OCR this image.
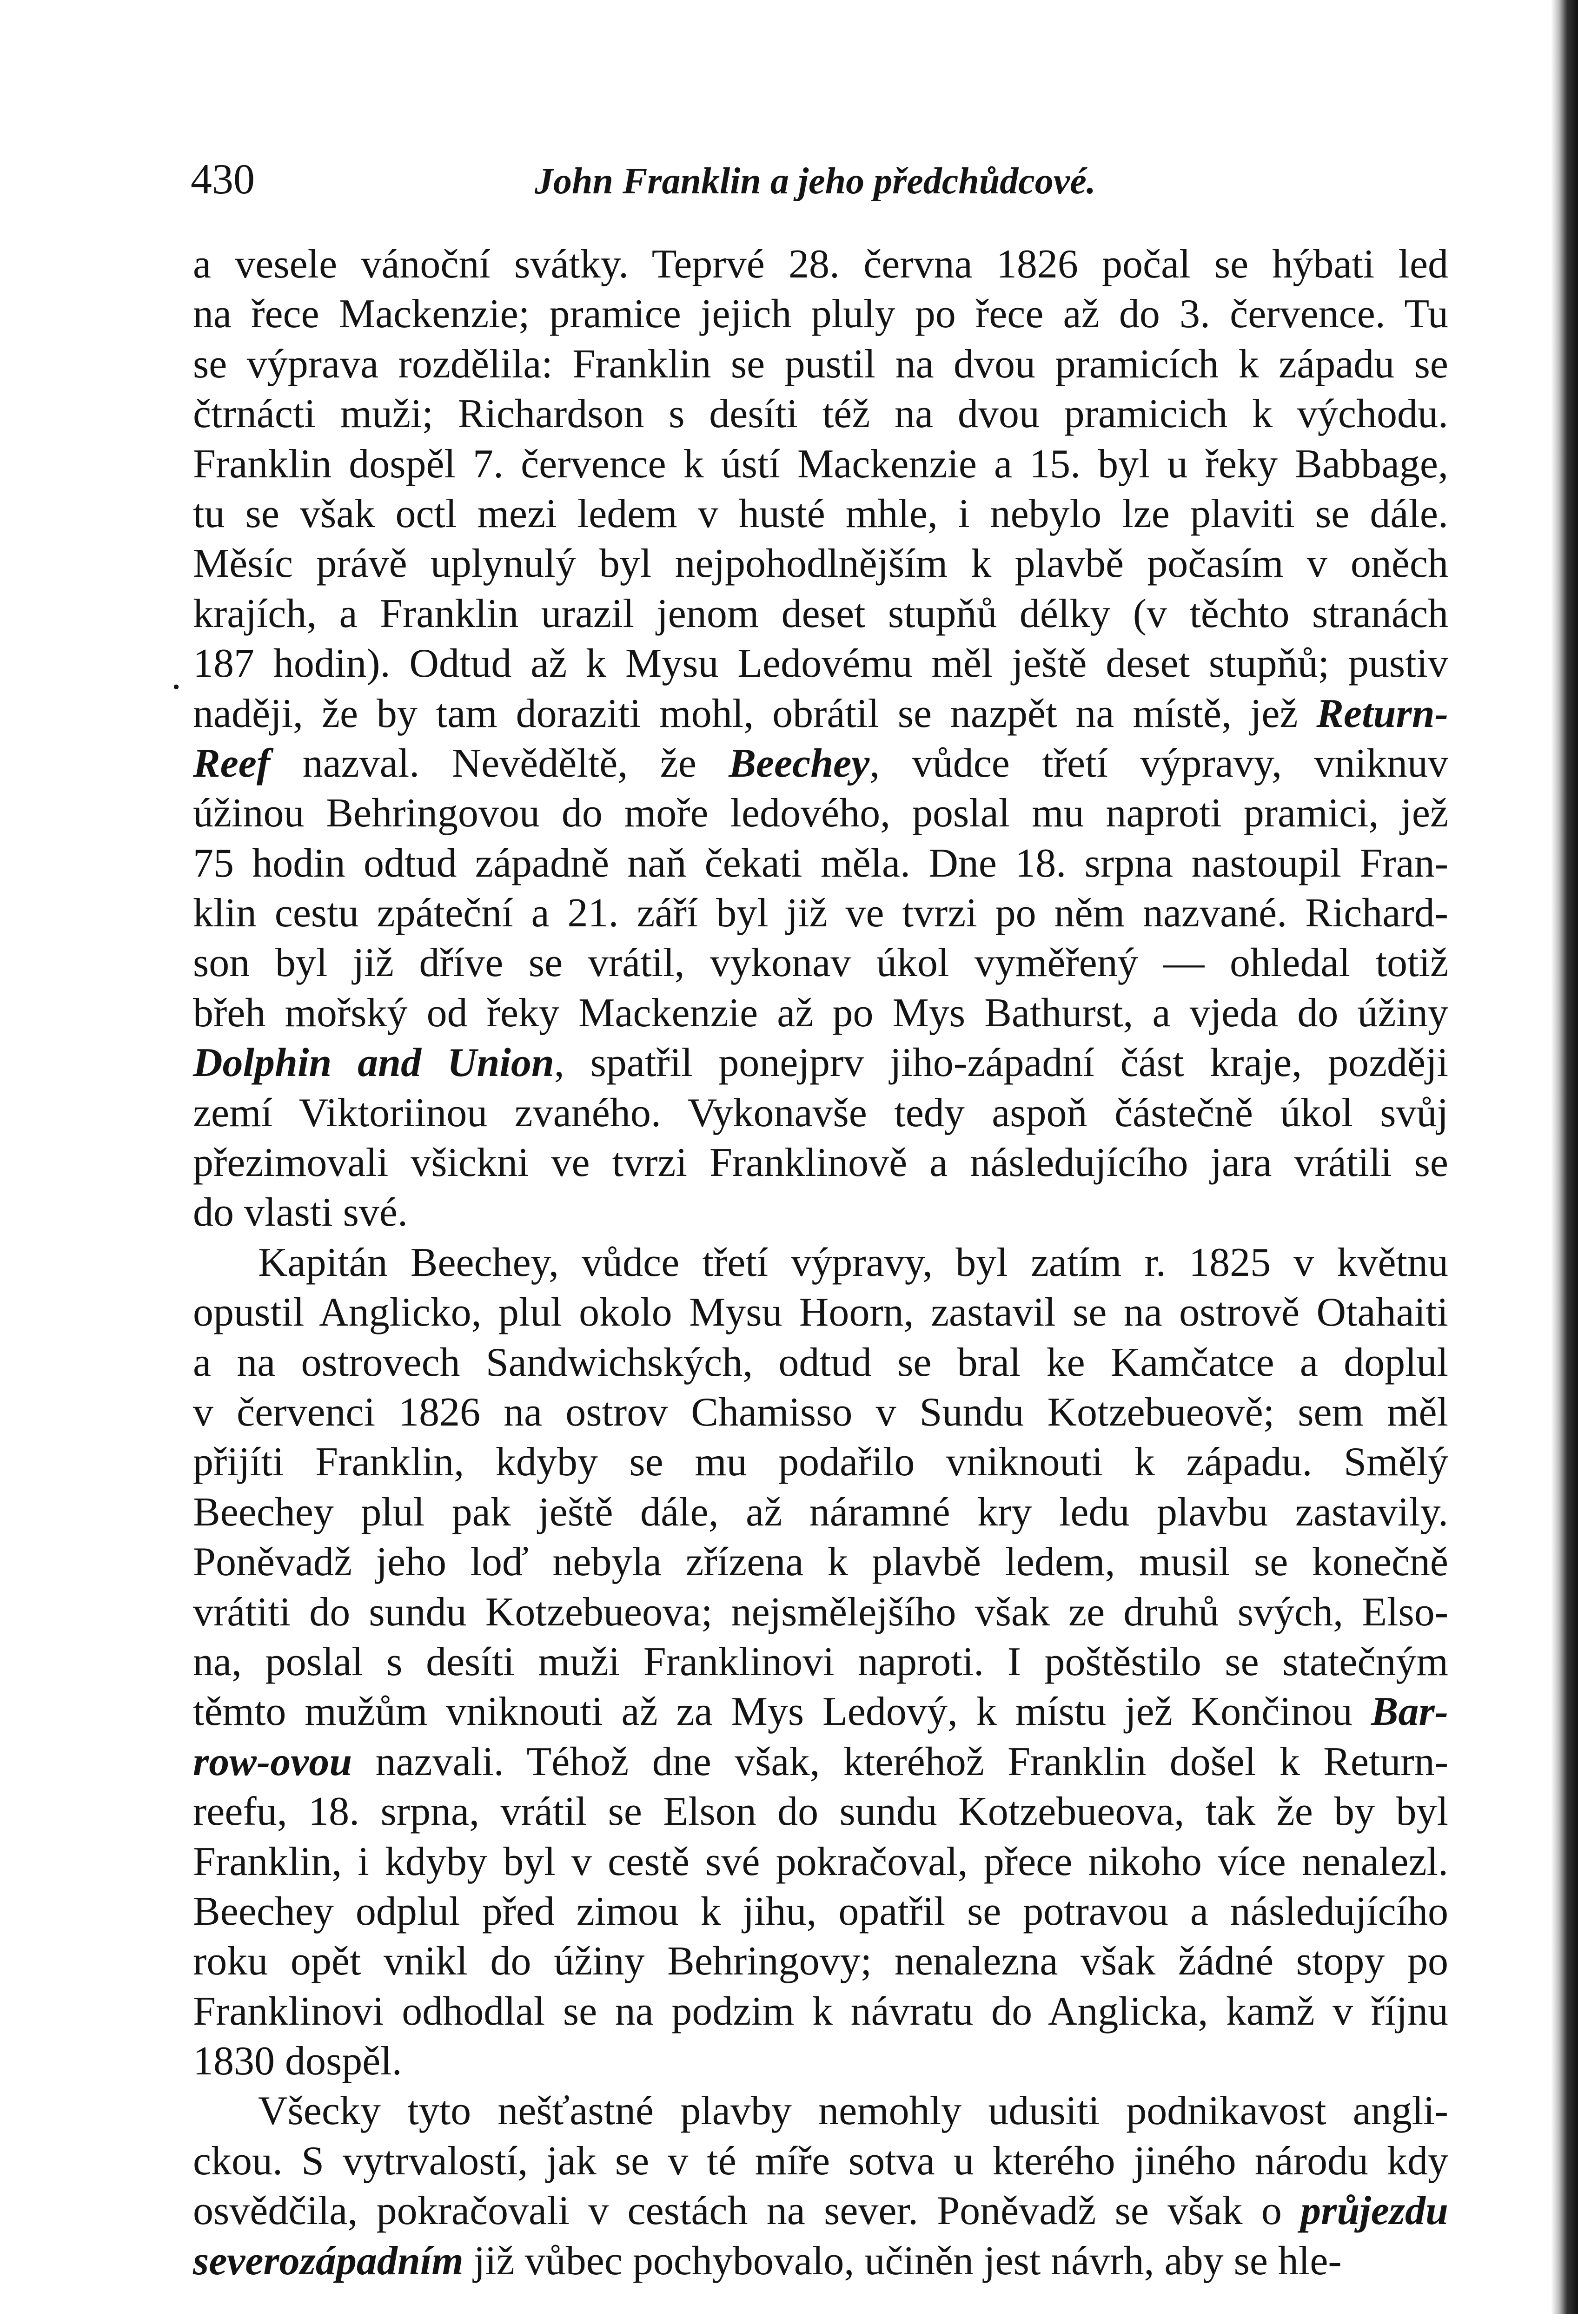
430	John Franklin a jeho předchůdcové.
.
a vesele vánoční svátky. Teprvé 28. června 1826 počal se hýbati led
na řece Mackenzie; pramice jejich pluly po řece až do 3. července. Tu
se výprava rozdělila: Franklin se pustil na dvou pramicích k západu se
čtrnácti muži; Richardson s desíti též na dvou pramicich k východu.
Franklin dospěl 7. července k ústí Mackenzie a 15. byl u řeky Babbage,
tu se však octl mezi ledem v husté mhle, i nebylo lze plaviti se dále.
Měsíc právě uplynulý byl nejpohodlnějším k plavbě počasím v oněch
krajích, a Franklin urazil jenom deset stupňů délky (v těchto stranách
187 hodin). Odtud až k Mysu Ledovému měl ještě deset stupňů; pustiv
naději, že by tam doraziti mohl, obrátil se nazpět na místě, jež Return-
Reef nazval. Nevěděltě, že Beechey, vůdce třetí výpravy, vniknuv
úžinou Behringovou do moře ledového, poslal mu naproti pramici, jež
75 hodin odtud západně naň čekati měla. Dne 18. srpna nastoupil Fran-
klin cestu zpáteční a 21. září byl již ve tvrzi po něm nazvané. Richard-
son byl již dříve se vrátil, vykonav úkol vyměřený — ohledal totiž
břeh mořský od řeky Mackenzie až po Mys Bathurst, a vjeda do úžiny
Dolphin and Union, spatřil ponejprv jiho-západní část kraje, později
zemí Viktoriinou zvaného. Vykonavše tedy aspoň částečně úkol svůj
přezimovali všickni ve tvrzi Franklinově a následujícího jara vrátili se
do vlasti své.
Kapitán Beechey, vůdce třetí výpravy, byl zatím r. 1825 v květnu
opustil Anglicko, plul okolo Mysu Hoorn, zastavil se na ostrově Otahaiti
a na ostrovech Sandwichských, odtud se bral ke Kamčatce a doplul
v červenci 1826 na ostrov Chamisso v Sundu Kotzebueově; sem měl
přijíti Franklin, kdyby se mu podařilo vniknouti k západu. Smělý
Beechey plul pak ještě dále, až náramné kry ledu plavbu zastavily.
Poněvadž jeho loď nebyla zřízena k plavbě ledem, musil se konečně
vrátiti do sundu Kotzebueova; nejsmělejšího však ze druhů svých, Elso-
na, poslal s desíti muži Franklinovi naproti. I poštěstilo se statečným
těmto mužům vniknouti až za Mys Ledový, k místu jež Končinou Bar-
row-ovou nazvali. Téhož dne však, kteréhož Franklin došel k Return-
reefu, 18. srpna, vrátil se Elson do sundu Kotzebueova, tak že by byl
Franklin, i kdyby byl v cestě své pokračoval, přece nikoho více nenalezl.
Beechey odplul před zimou k jihu, opatřil se potravou a následujícího
roku opět vnikl do úžiny Behringovy; nenalezna však žádné stopy po
Franklinovi odhodlal se na podzim k návratu do Anglicka, kamž v říjnu
1830 dospěl.
Všecky tyto nešťastné plavby nemohly udusiti podnikavost angli-
ckou. S vytrvalostí, jak se v té míře sotva u kterého jiného národu kdy
osvědčila, pokračovali v cestách na sever. Poněvadž se však o průjezdu
severozápadním již vůbec pochybovalo, učiněn jest návrh, aby se hle-
